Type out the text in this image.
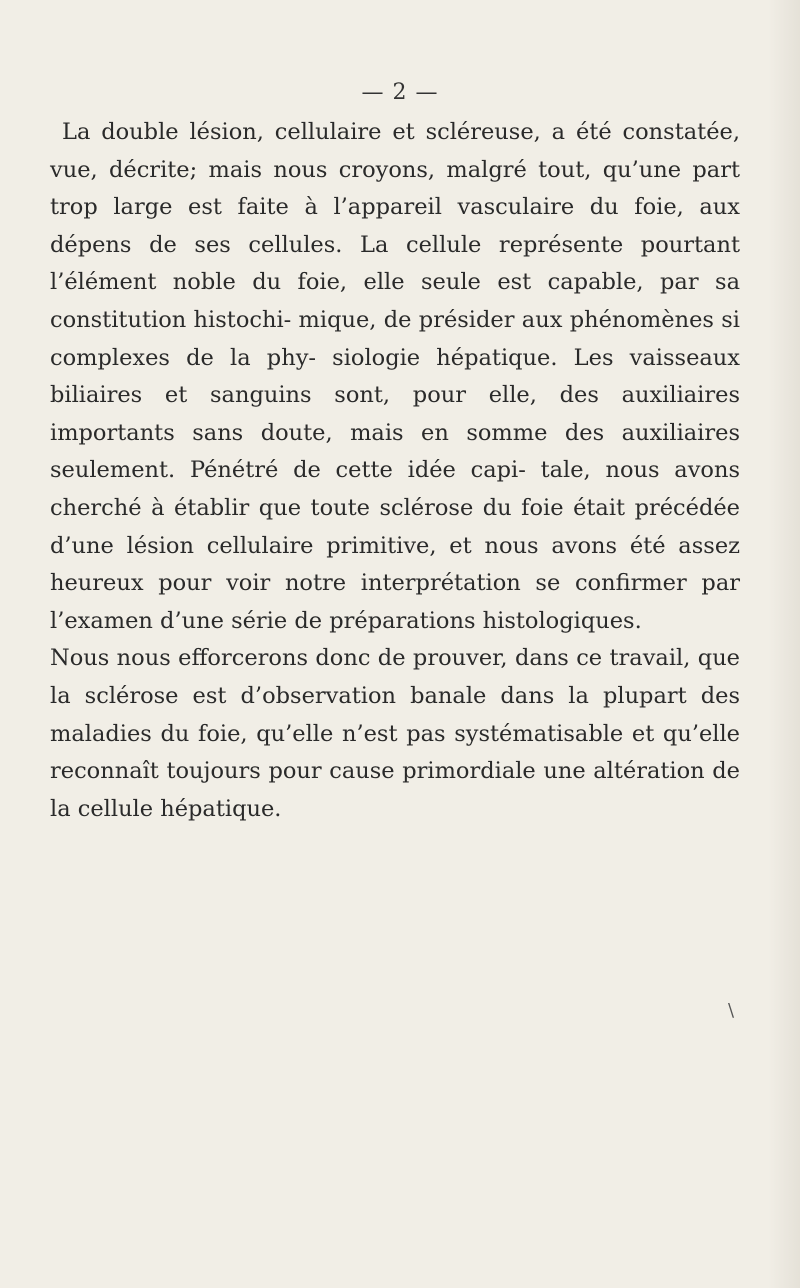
— 2 —

La double lésion, cellulaire et scléreuse, a été constatée, vue, décrite; mais nous croyons, malgré tout, qu’une part trop large est faite à l’appareil vasculaire du foie, aux dépens de ses cellules. La cellule représente pourtant l’élément noble du foie, elle seule est capable, par sa constitution histochi- mique, de présider aux phénomènes si complexes de la phy- siologie hépatique. Les vaisseaux biliaires et sanguins sont, pour elle, des auxiliaires importants sans doute, mais en somme des auxiliaires seulement. Pénétré de cette idée capi- tale, nous avons cherché à établir que toute sclérose du foie était précédée d’une lésion cellulaire primitive, et nous avons été assez heureux pour voir notre interprétation se confirmer par l’examen d’une série de préparations histologiques.

Nous nous efforcerons donc de prouver, dans ce travail, que la sclérose est d’observation banale dans la plupart des maladies du foie, qu’elle n’est pas systématisable et qu’elle reconnaît toujours pour cause primordiale une altération de la cellule hépatique.

\
